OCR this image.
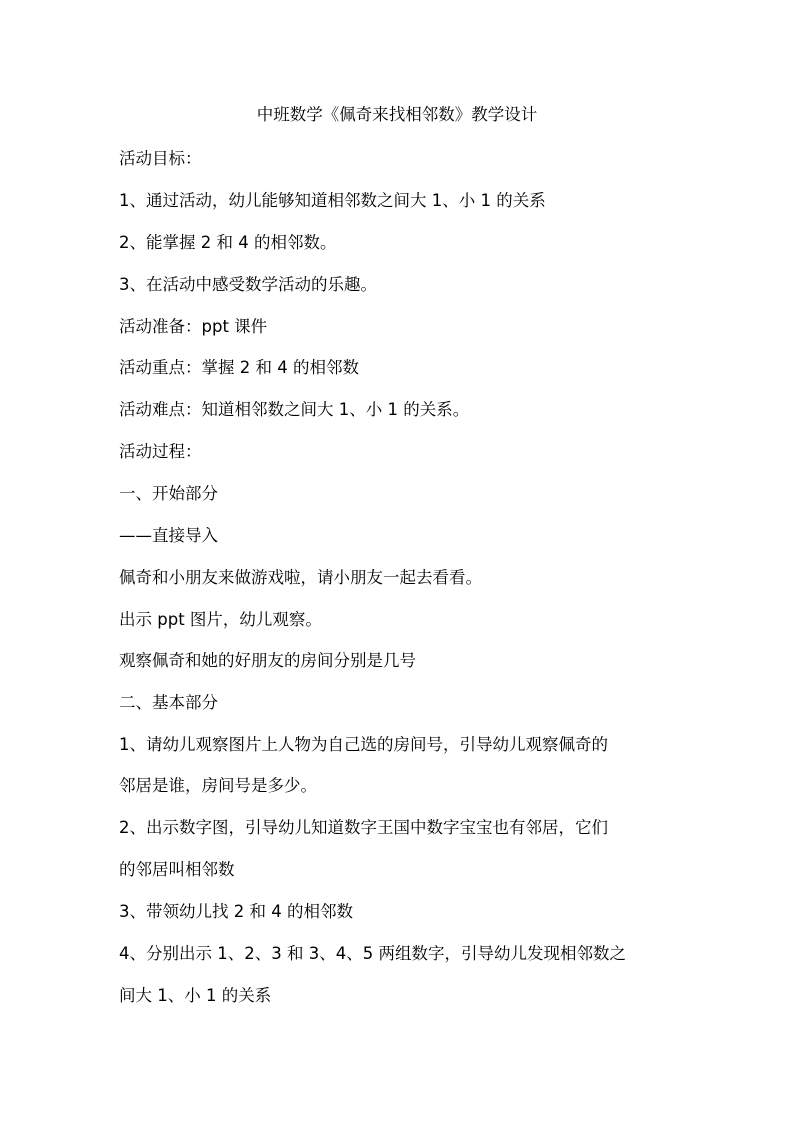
中班数学《佩奇来找相邻数》教学设计
活动目标：
1、通过活动，幼儿能够知道相邻数之间大 1、小 1 的关系
2、能掌握 2 和 4 的相邻数。
3、在活动中感受数学活动的乐趣。
活动准备：ppt 课件
活动重点：掌握 2 和 4 的相邻数
活动难点：知道相邻数之间大 1、小 1 的关系。
活动过程：
一、开始部分
——直接导入
佩奇和小朋友来做游戏啦，请小朋友一起去看看。
出示 ppt 图片，幼儿观察。
观察佩奇和她的好朋友的房间分别是几号
二、基本部分
1、请幼儿观察图片上人物为自己选的房间号，引导幼儿观察佩奇的
邻居是谁，房间号是多少。
2、出示数字图，引导幼儿知道数字王国中数字宝宝也有邻居，它们
的邻居叫相邻数
3、带领幼儿找 2 和 4 的相邻数
4、分别出示 1、2、3 和 3、4、5 两组数字，引导幼儿发现相邻数之
间大 1、小 1 的关系
